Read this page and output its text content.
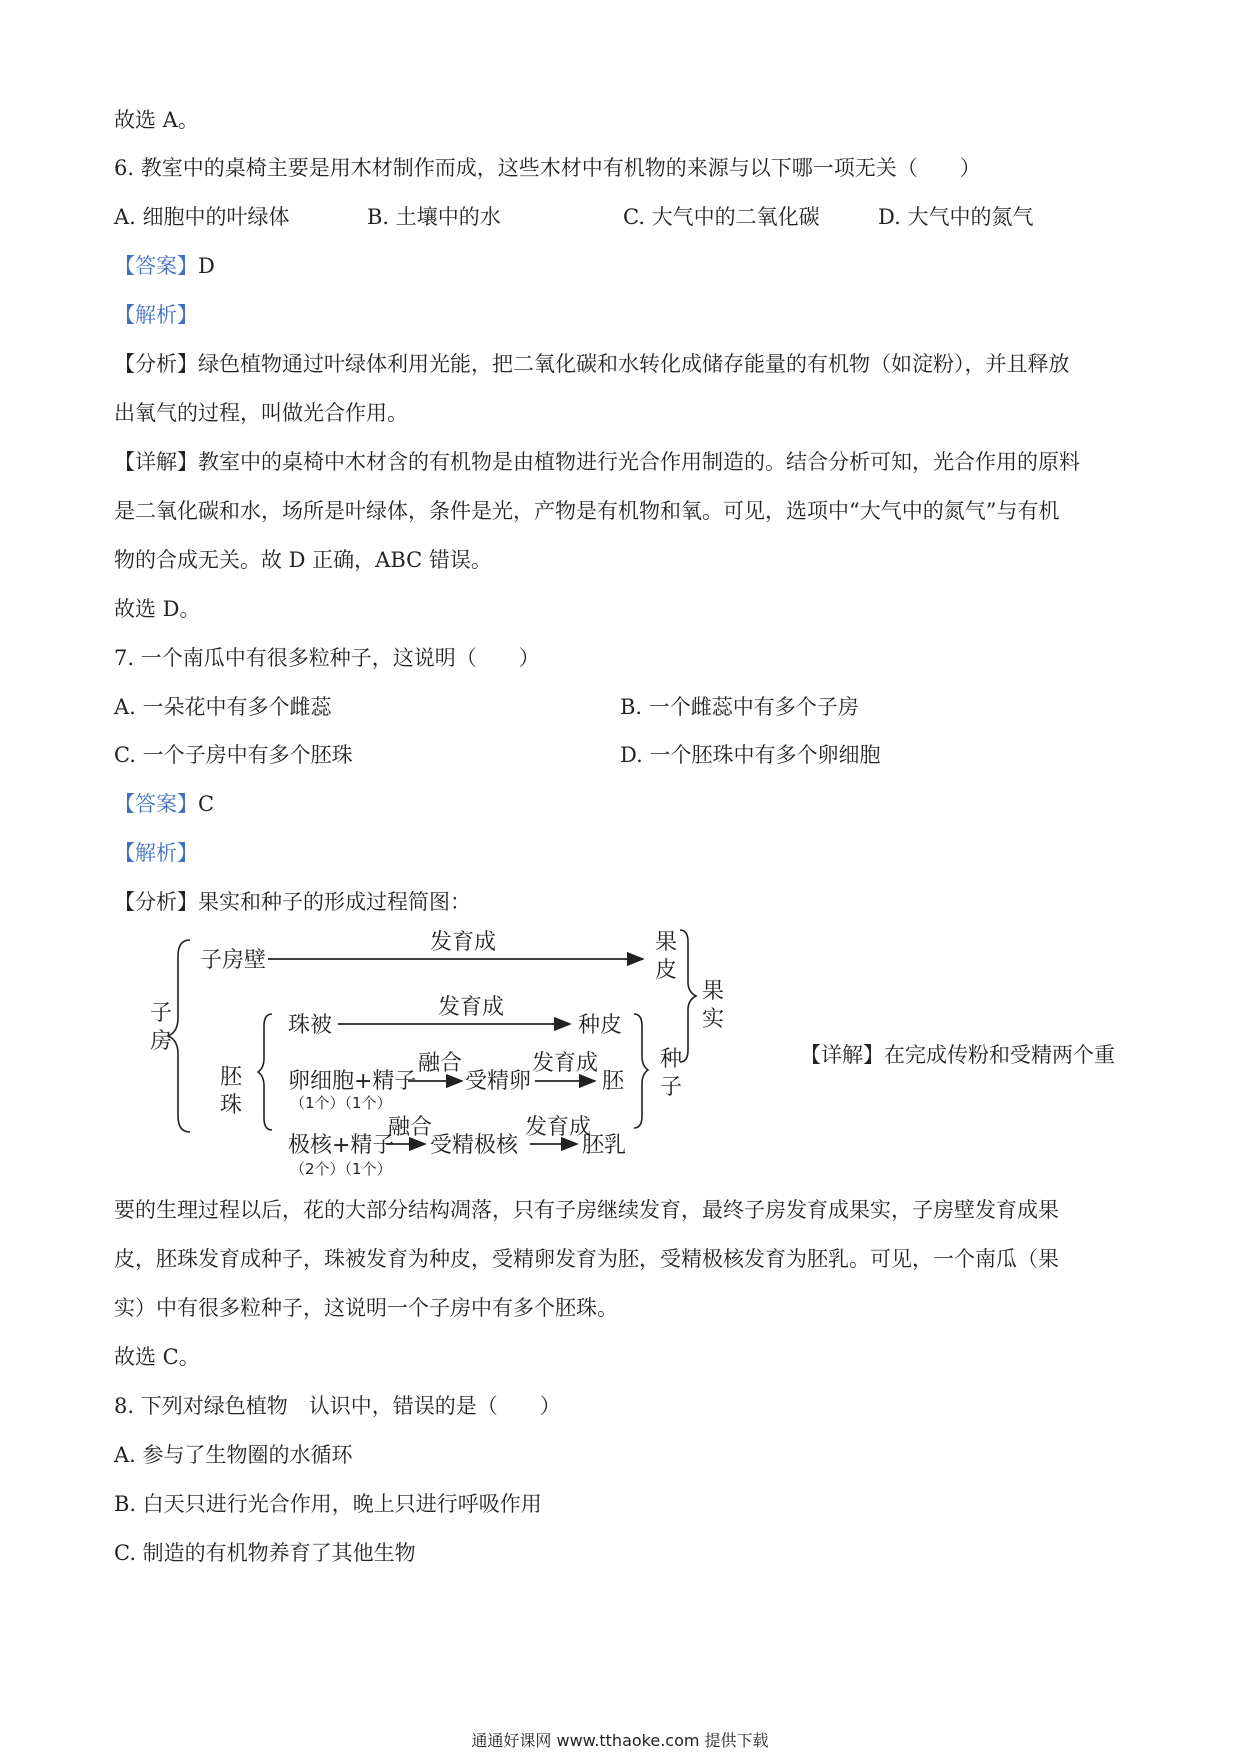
故选 A。
6. 教室中的桌椅主要是用木材制作而成，这些木材中有机物的来源与以下哪一项无关（　　）
A. 细胞中的叶绿体	B. 土壤中的水	C. 大气中的二氧化碳	D. 大气中的氮气
【答案】D
【解析】
【分析】绿色植物通过叶绿体利用光能，把二氧化碳和水转化成储存能量的有机物（如淀粉），并且释放
出氧气的过程，叫做光合作用。
【详解】教室中的桌椅中木材含的有机物是由植物进行光合作用制造的。结合分析可知，光合作用的原料
是二氧化碳和水，场所是叶绿体，条件是光，产物是有机物和氧。可见，选项中“大气中的氮气”与有机
物的合成无关。故 D 正确，ABC 错误。
故选 D。
7. 一个南瓜中有很多粒种子，这说明（　　）
A. 一朵花中有多个雌蕊	B. 一个雌蕊中有多个子房
C. 一个子房中有多个胚珠	D. 一个胚珠中有多个卵细胞
【答案】C
【解析】
【分析】果实和种子的形成过程简图：
子
房
子房壁
发育成	果
皮
果
实
胚
珠
珠被
发育成
种皮
卵细胞+精子
（1个）（1个）
融合
受精卵
发育成
胚
种
子
极核+精子
（2个）（1个）
融合
受精极核
发育成
胚乳
【详解】在完成传粉和受精两个重
要的生理过程以后，花的大部分结构凋落，只有子房继续发育，最终子房发育成果实，子房壁发育成果
皮，胚珠发育成种子，珠被发育为种皮，受精卵发育为胚，受精极核发育为胚乳。可见，一个南瓜（果
实）中有很多粒种子，这说明一个子房中有多个胚珠。
故选 C。
8. 下列对绿色植物　认识中，错误的是（　　）
A. 参与了生物圈的水循环
B. 白天只进行光合作用，晚上只进行呼吸作用
C. 制造的有机物养育了其他生物
通通好课网 www.tthaoke.com 提供下载
